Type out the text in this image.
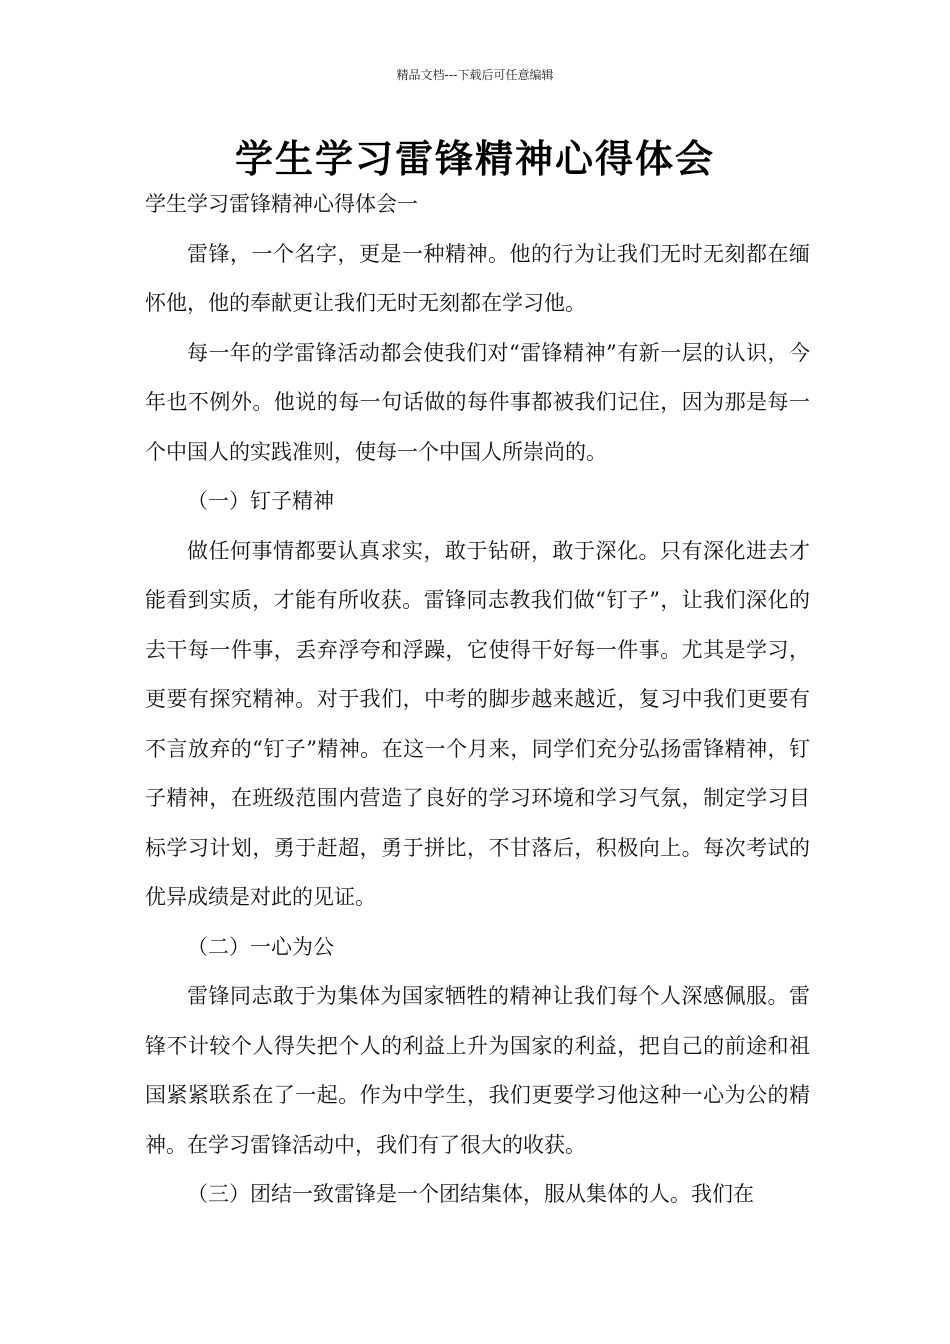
精品文档---下载后可任意编辑
学生学习雷锋精神心得体会

学生学习雷锋精神心得体会一

雷锋，一个名字，更是一种精神。他的行为让我们无时无刻都在缅怀他，他的奉献更让我们无时无刻都在学习他。

每一年的学雷锋活动都会使我们对“雷锋精神”有新一层的认识，今年也不例外。他说的每一句话做的每件事都被我们记住，因为那是每一个中国人的实践准则，使每一个中国人所崇尚的。

（一）钉子精神

做任何事情都要认真求实，敢于钻研，敢于深化。只有深化进去才能看到实质，才能有所收获。雷锋同志教我们做“钉子”，让我们深化的去干每一件事，丢弃浮夸和浮躁，它使得干好每一件事。尤其是学习，更要有探究精神。对于我们，中考的脚步越来越近，复习中我们更要有不言放弃的“钉子”精神。在这一个月来，同学们充分弘扬雷锋精神，钉子精神，在班级范围内营造了良好的学习环境和学习气氛，制定学习目标学习计划，勇于赶超，勇于拼比，不甘落后，积极向上。每次考试的优异成绩是对此的见证。

（二）一心为公

雷锋同志敢于为集体为国家牺牲的精神让我们每个人深感佩服。雷锋不计较个人得失把个人的利益上升为国家的利益，把自己的前途和祖国紧紧联系在了一起。作为中学生，我们更要学习他这种一心为公的精神。在学习雷锋活动中，我们有了很大的收获。

（三）团结一致雷锋是一个团结集体，服从集体的人。我们在
